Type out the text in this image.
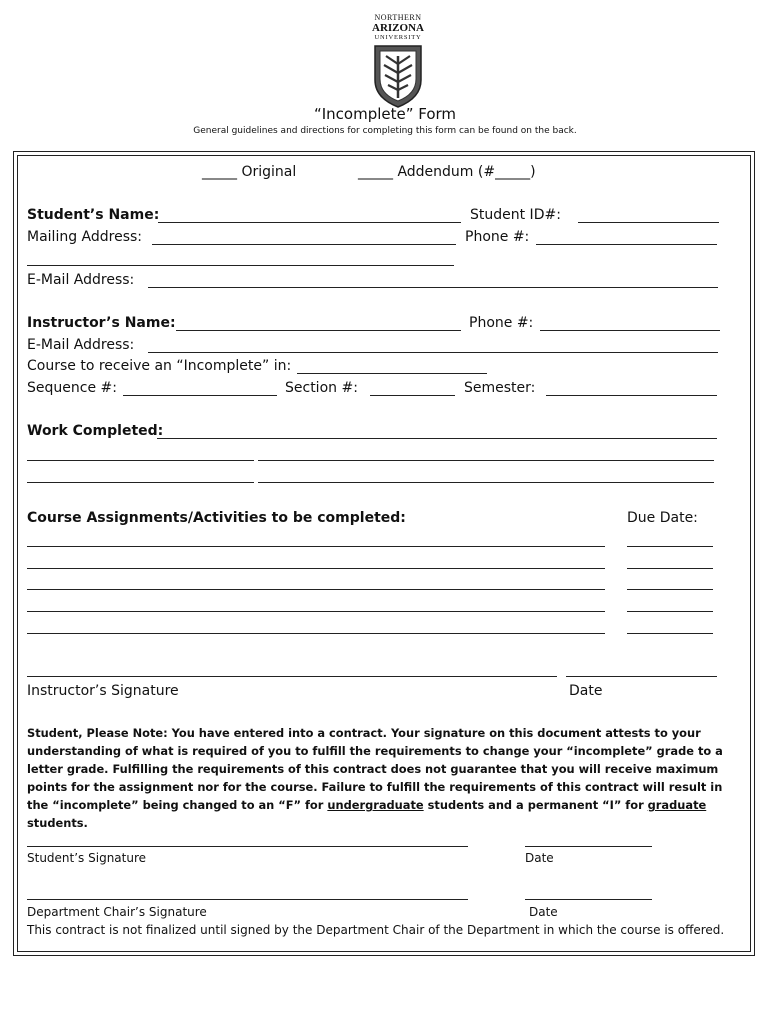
NORTHERN
ARIZONA
UNIVERSITY
“Incomplete” Form
General guidelines and directions for completing this form can be found on the back.
_____ Original	_____ Addendum (#_____)
Student’s Name:	Student ID#:
Mailing Address:	Phone #:
E-Mail Address:
Instructor’s Name:	Phone #:
E-Mail Address:
Course to receive an “Incomplete” in:
Sequence #:	Section #:	Semester:
Work Completed:
Course Assignments/Activities to be completed:	Due Date:
Instructor’s Signature	Date
Student, Please Note: You have entered into a contract. Your signature on this document attests to your understanding of what is required of you to fulfill the requirements to change your “incomplete” grade to a letter grade. Fulfilling the requirements of this contract does not guarantee that you will receive maximum points for the assignment nor for the course. Failure to fulfill the requirements of this contract will result in the “incomplete” being changed to an “F” for undergraduate students and a permanent “I” for graduate students.
Student’s Signature	Date
Department Chair’s Signature	Date
This contract is not finalized until signed by the Department Chair of the Department in which the course is offered.
